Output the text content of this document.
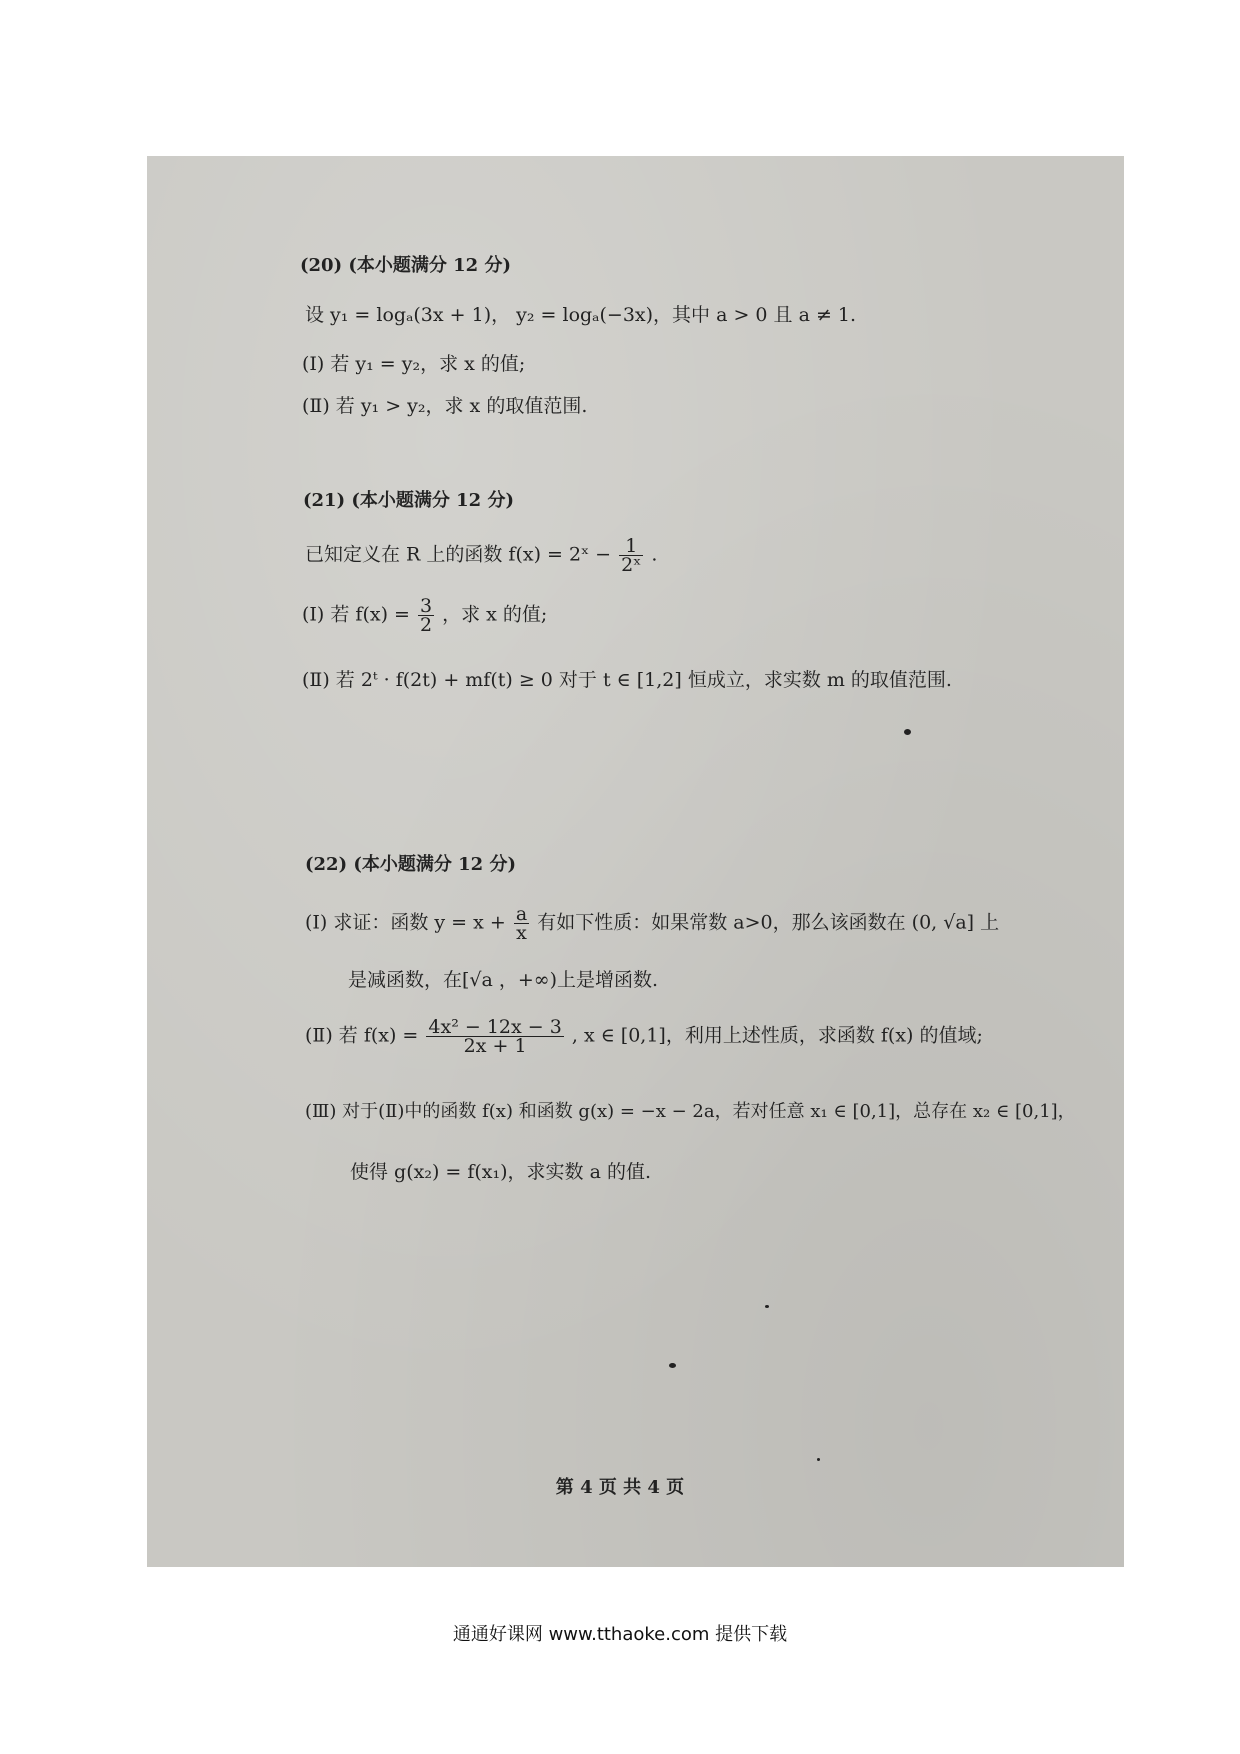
(20) (本小题满分 12 分)
设 y₁ = logₐ(3x + 1)， y₂ = logₐ(−3x)，其中 a > 0 且 a ≠ 1.
(Ⅰ) 若 y₁ = y₂，求 x 的值;
(Ⅱ) 若 y₁ > y₂，求 x 的取值范围.
(21) (本小题满分 12 分)
已知定义在 R 上的函数 f(x) = 2ˣ − $\frac{1}{\text{2ˣ}}$ .
(Ⅰ) 若 $f(x) = \frac{3}{2}$ ，求 x 的值;
(Ⅱ) 若 2ᵗ · f(2t) + mf(t) ≥ 0 对于 t ∈ [1,2] 恒成立，求实数 m 的取值范围.
(22) (本小题满分 12 分)
(Ⅰ) 求证：函数 $y = x + \frac{a}{x}$ 有如下性质：如果常数 a>0，那么该函数在 (0, √a] 上
是减函数，在[√a ，+∞)上是增函数.
(Ⅱ) 若 $f(x) = \frac{\text{4x² − 12x − 3}}{2x + 1}$ , x ∈ [0,1]，利用上述性质，求函数 f(x) 的值域;
(Ⅲ) 对于(Ⅱ)中的函数 f(x) 和函数 g(x) = −x − 2a，若对任意 x₁ ∈ [0,1]，总存在 x₂ ∈ [0,1]，
使得 g(x₂) = f(x₁)，求实数 a 的值.
第 4 页 共 4 页
通通好课网 www.tthaoke.com 提供下载
